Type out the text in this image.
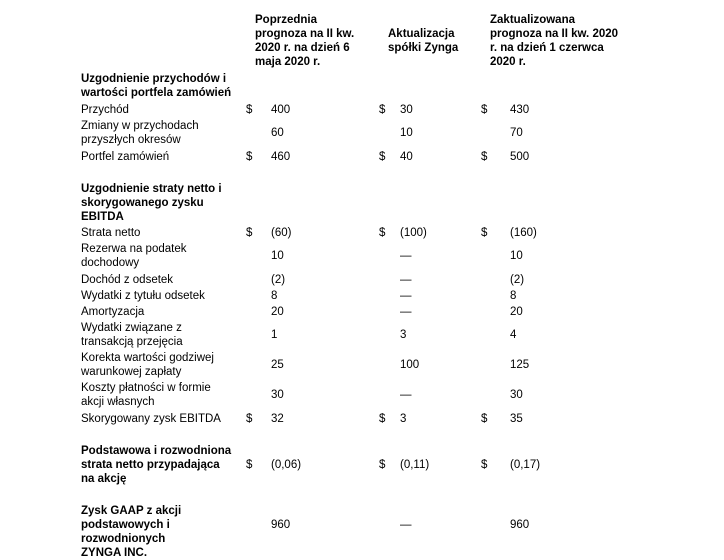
Poprzednia
prognoza na II kw.
2020 r. na dzień 6
maja 2020 r.
Aktualizacja
spółki Zynga
Zaktualizowana
prognoza na II kw. 2020
r. na dzień 1 czerwca
2020 r.
Uzgodnienie przychodów i
wartości portfela zamówień
Przychód	$ 400	$ 30	$ 430
Zmiany w przychodach
przyszłych okresów
60	10	70
Portfel zamówień	$ 460	$ 40	$ 500
Uzgodnienie straty netto i
skorygowanego zysku
EBITDA
Strata netto	$ (60)	$ (100)	$ (160)
Rezerwa na podatek
dochodowy
10	—	10
Dochód z odsetek	(2)	—	(2)
Wydatki z tytułu odsetek	8	—	8
Amortyzacja	20	—	20
Wydatki związane z
transakcją przejęcia
1	3	4
Korekta wartości godziwej
warunkowej zapłaty
25	100	125
Koszty płatności w formie
akcji własnych
30	—	30
Skorygowany zysk EBITDA $ 32	$ 3	$ 35
Podstawowa i rozwodniona
strata netto przypadająca
na akcję
$ (0,06)	$ (0,11)	$ (0,17)
Zysk GAAP z akcji
podstawowych i
rozwodnionych
960	—	960
ZYNGA INC.
